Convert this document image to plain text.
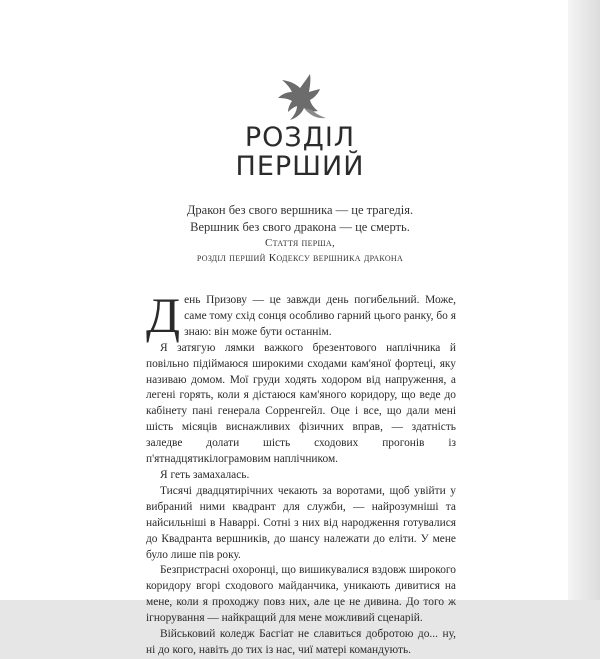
РОЗДІЛ
ПЕРШИЙ

Дракон без свого вершника — це трагедія.

Вершник без свого дракона — це смерть.

Стаття перша,

розділ перший Кодексу вершника дракона

День Призову — це завжди день погибельний. Може, саме тому схід сонця особливо гарний цього ранку, бо я знаю: він може бути останнім.

Я затягую лямки важкого брезентового наплічника й повільно підіймаюся широкими сходами кам'яної фортеці, яку називаю домом. Мої груди ходять ходором від напруження, а легені горять, коли я дістаюся кам'яного коридору, що веде до кабінету пані генерала Сорренгейл. Оце і все, що дали мені шість місяців виснажливих фізичних вправ, — здатність заледве долати шість сходових прогонів із п'ятнадцятикілограмовим наплічником.

Я геть замахалась.

Тисячі двадцятирічних чекають за воротами, щоб увійти у вибраний ними квадрант для служби, — найрозумніші та найсильніші в Наваррі. Сотні з них від народження готувалися до Квадранта вершників, до шансу належати до еліти. У мене було лише пів року.

Безпристрасні охоронці, що вишикувалися вздовж широкого коридору вгорі сходового майданчика, уникають дивитися на мене, коли я проходжу повз них, але це не дивина. До того ж ігнорування — найкращий для мене можливий сценарій.

Військовий коледж Басгіат не славиться добротою до... ну, ні до кого, навіть до тих із нас, чиї матері командують.
